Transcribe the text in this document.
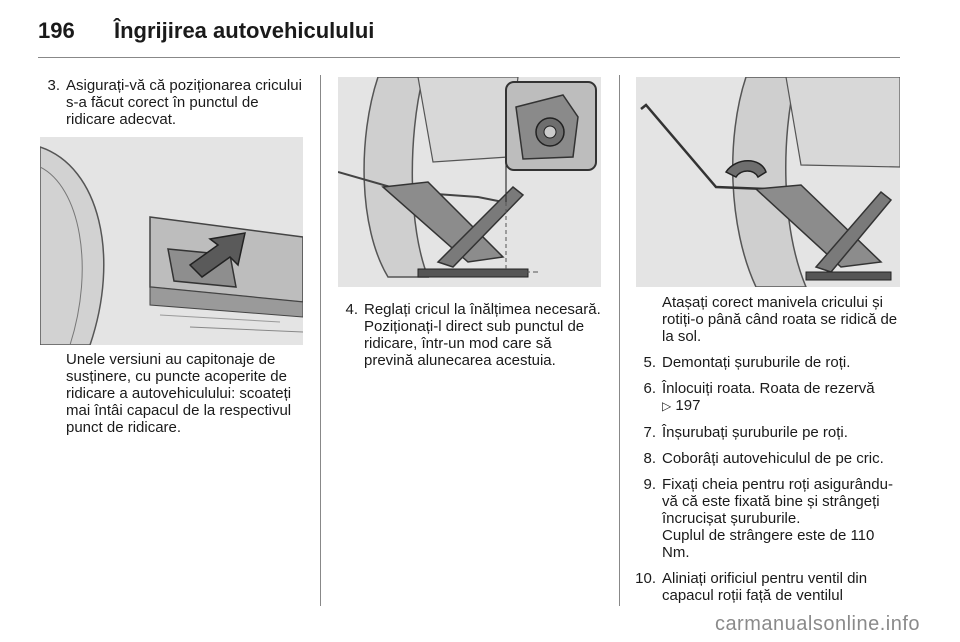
196 Îngrijirea autovehiculului
3. Asigurați-vă că poziționarea cricului s-a făcut corect în punctul de ridicare adecvat.
Unele versiuni au capitonaje de susținere, cu puncte acoperite de ridicare a autovehiculului: scoateți mai întâi capacul de la respectivul punct de ridicare.
4. Reglați cricul la înălțimea necesară. Poziționați-l direct sub punctul de ridicare, într-un mod care să prevină alunecarea acestuia.
Atașați corect manivela cricului și rotiți-o până când roata se ridică de la sol.
5. Demontați șuruburile de roți.
6. Înlocuiți roata. Roata de rezervă
▷ 197
7. Înșurubați șuruburile pe roți.
8. Coborâți autovehiculul de pe cric.
9. Fixați cheia pentru roți asigurându-vă că este fixată bine și strângeți încrucișat șuruburile.
Cuplul de strângere este de 110 Nm.
10. Aliniați orificiul pentru ventil din capacul roții față de ventilul
carmanualsonline.info
